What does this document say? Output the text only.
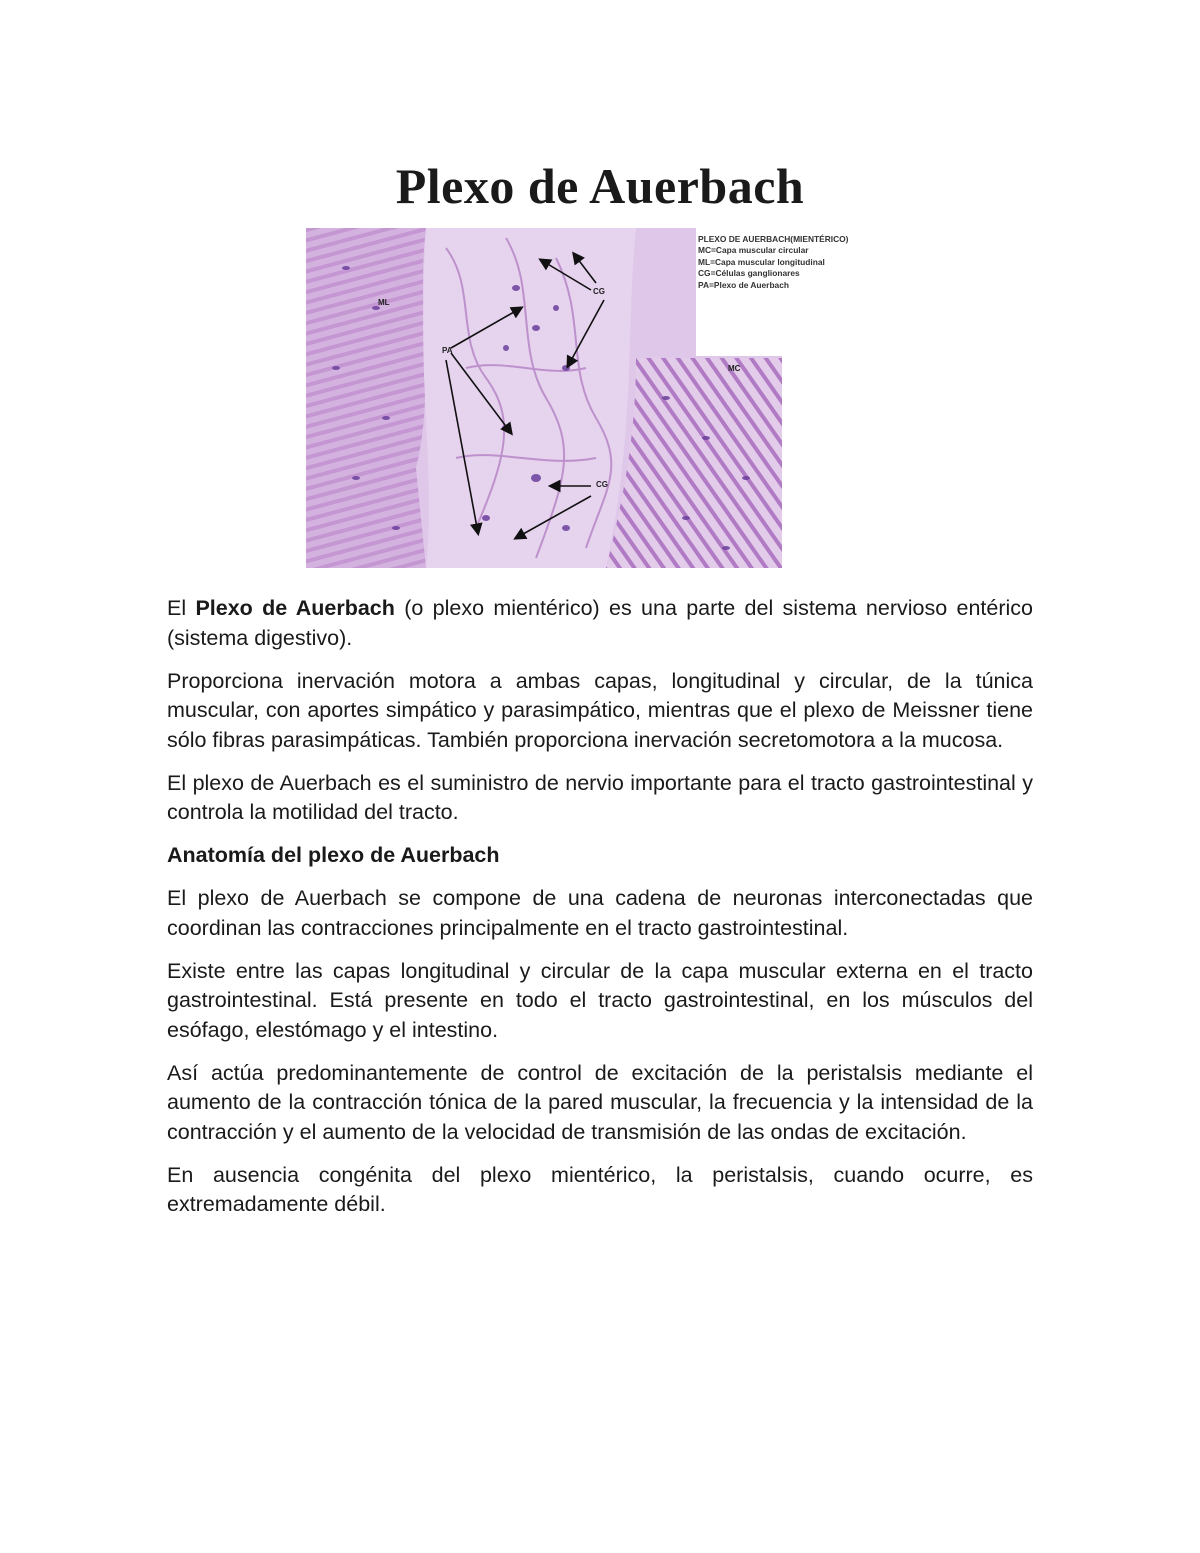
Plexo de Auerbach
ML
PA
CG
CG
MC
PLEXO DE AUERBACH(MIENTÉRICO)
MC=Capa muscular circular
ML=Capa muscular longitudinal
CG=Células ganglionares
PA=Plexo de Auerbach

El Plexo de Auerbach (o plexo mientérico) es una parte del sistema nervioso entérico (sistema digestivo).

Proporciona inervación motora a ambas capas, longitudinal y circular, de la túnica muscular, con aportes simpático y parasimpático, mientras que el plexo de Meissner tiene sólo fibras parasimpáticas. También proporciona inervación secretomotora a la mucosa.

El plexo de Auerbach es el suministro de nervio importante para el tracto gastrointestinal y controla la motilidad del tracto.

Anatomía del plexo de Auerbach

El plexo de Auerbach se compone de una cadena de neuronas interconectadas que coordinan las contracciones principalmente en el tracto gastrointestinal.

Existe entre las capas longitudinal y circular de la capa muscular externa en el tracto gastrointestinal. Está presente en todo el tracto gastrointestinal, en los músculos del esófago, elestómago y el intestino.

Así actúa predominantemente de control de excitación de la peristalsis mediante el aumento de la contracción tónica de la pared muscular, la frecuencia y la intensidad de la contracción y el aumento de la velocidad de transmisión de las ondas de excitación.

En ausencia congénita del plexo mientérico, la peristalsis, cuando ocurre, es extremadamente débil.
